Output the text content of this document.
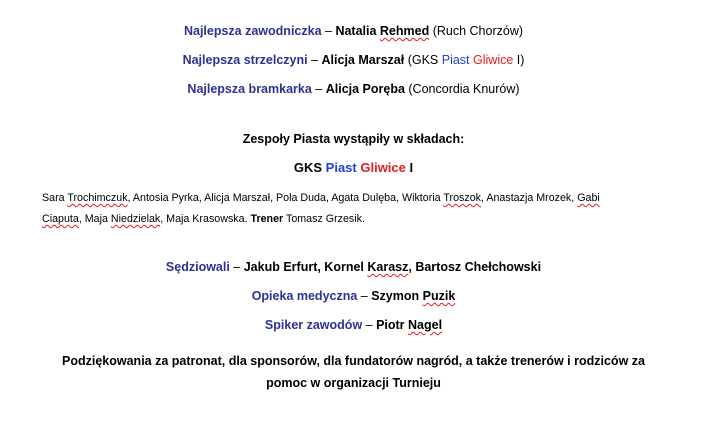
Najlepsza zawodniczka – Natalia Rehmed (Ruch Chorzów)
Najlepsza strzelczyni – Alicja Marszał (GKS Piast Gliwice I)
Najlepsza bramkarka – Alicja Poręba (Concordia Knurów)
Zespoły Piasta wystąpiły w składach:
GKS Piast Gliwice I
Sara Trochimczuk, Antosia Pyrka, Alicja Marszał, Pola Duda, Agata Dulęba, Wiktoria Troszok, Anastazja Mrozek, Gabi
Ciaputa, Maja Niedzielak, Maja Krasowska. Trener Tomasz Grzesik.
Sędziowali – Jakub Erfurt, Kornel Karasz, Bartosz Chełchowski
Opieka medyczna – Szymon Puzik
Spiker zawodów – Piotr Nagel
Podziękowania za patronat, dla sponsorów, dla fundatorów nagród, a także trenerów i rodziców za
pomoc w organizacji Turnieju
